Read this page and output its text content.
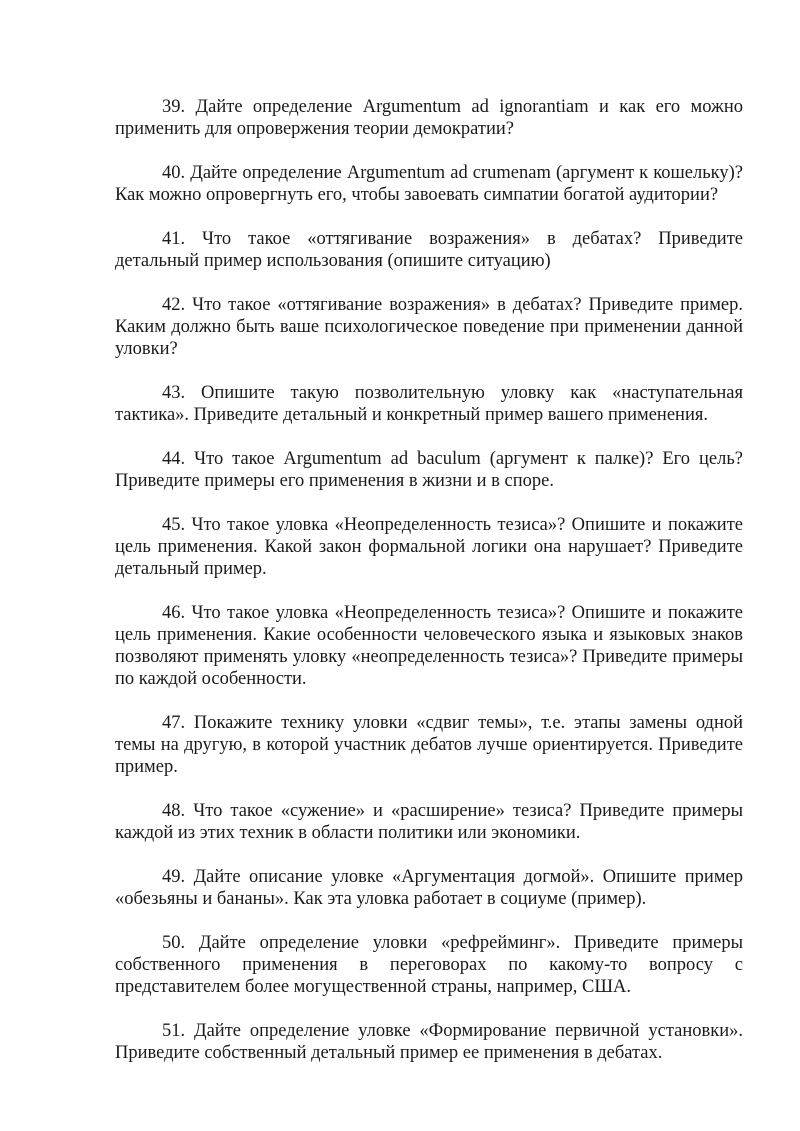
39. Дайте определение Argumentum ad ignorantiam и как его можно применить для опровержения теории демократии?

40. Дайте определение Argumentum ad crumenam (аргумент к кошельку)? Как можно опровергнуть его, чтобы завоевать симпатии богатой аудитории?

41. Что такое «оттягивание возражения» в дебатах? Приведите детальный пример использования (опишите ситуацию)

42. Что такое «оттягивание возражения» в дебатах? Приведите пример. Каким должно быть ваше психологическое поведение при применении данной уловки?

43. Опишите такую позволительную уловку как «наступательная тактика». Приведите детальный и конкретный пример вашего применения.

44. Что такое Argumentum ad baculum (аргумент к палке)? Его цель? Приведите примеры его применения в жизни и в споре.

45. Что такое уловка «Неопределенность тезиса»? Опишите и покажите цель применения. Какой закон формальной логики она нарушает? Приведите детальный пример.

46. Что такое уловка «Неопределенность тезиса»? Опишите и покажите цель применения. Какие особенности человеческого языка и языковых знаков позволяют применять уловку «неопределенность тезиса»? Приведите примеры по каждой особенности.

47. Покажите технику уловки «сдвиг темы», т.е. этапы замены одной темы на другую, в которой участник дебатов лучше ориентируется. Приведите пример.

48. Что такое «сужение» и «расширение» тезиса? Приведите примеры каждой из этих техник в области политики или экономики.

49. Дайте описание уловке «Аргументация догмой». Опишите пример «обезьяны и бананы». Как эта уловка работает в социуме (пример).

50. Дайте определение уловки «рефрейминг». Приведите примеры собственного применения в переговорах по какому-то вопросу с представителем более могущественной страны, например, США.

51. Дайте определение уловке «Формирование первичной установки». Приведите собственный детальный пример ее применения в дебатах.
